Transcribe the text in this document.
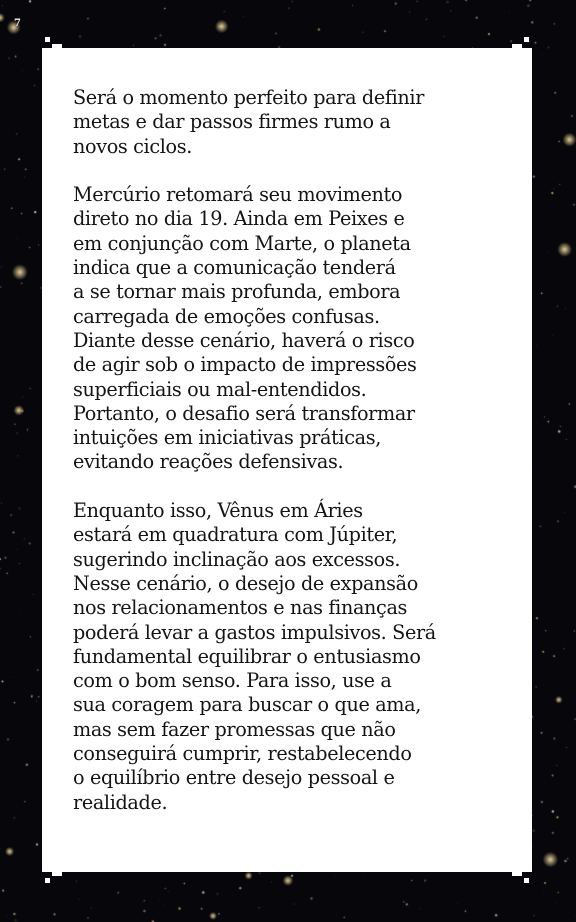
7

Será o momento perfeito para definir
metas e dar passos firmes rumo a
novos ciclos.

Mercúrio retomará seu movimento
direto no dia 19. Ainda em Peixes e
em conjunção com Marte, o planeta
indica que a comunicação tenderá
a se tornar mais profunda, embora
carregada de emoções confusas.
Diante desse cenário, haverá o risco
de agir sob o impacto de impressões
superficiais ou mal-entendidos.
Portanto, o desafio será transformar
intuições em iniciativas práticas,
evitando reações defensivas.

Enquanto isso, Vênus em Áries
estará em quadratura com Júpiter,
sugerindo inclinação aos excessos.
Nesse cenário, o desejo de expansão
nos relacionamentos e nas finanças
poderá levar a gastos impulsivos. Será
fundamental equilibrar o entusiasmo
com o bom senso. Para isso, use a
sua coragem para buscar o que ama,
mas sem fazer promessas que não
conseguirá cumprir, restabelecendo
o equilíbrio entre desejo pessoal e
realidade.
